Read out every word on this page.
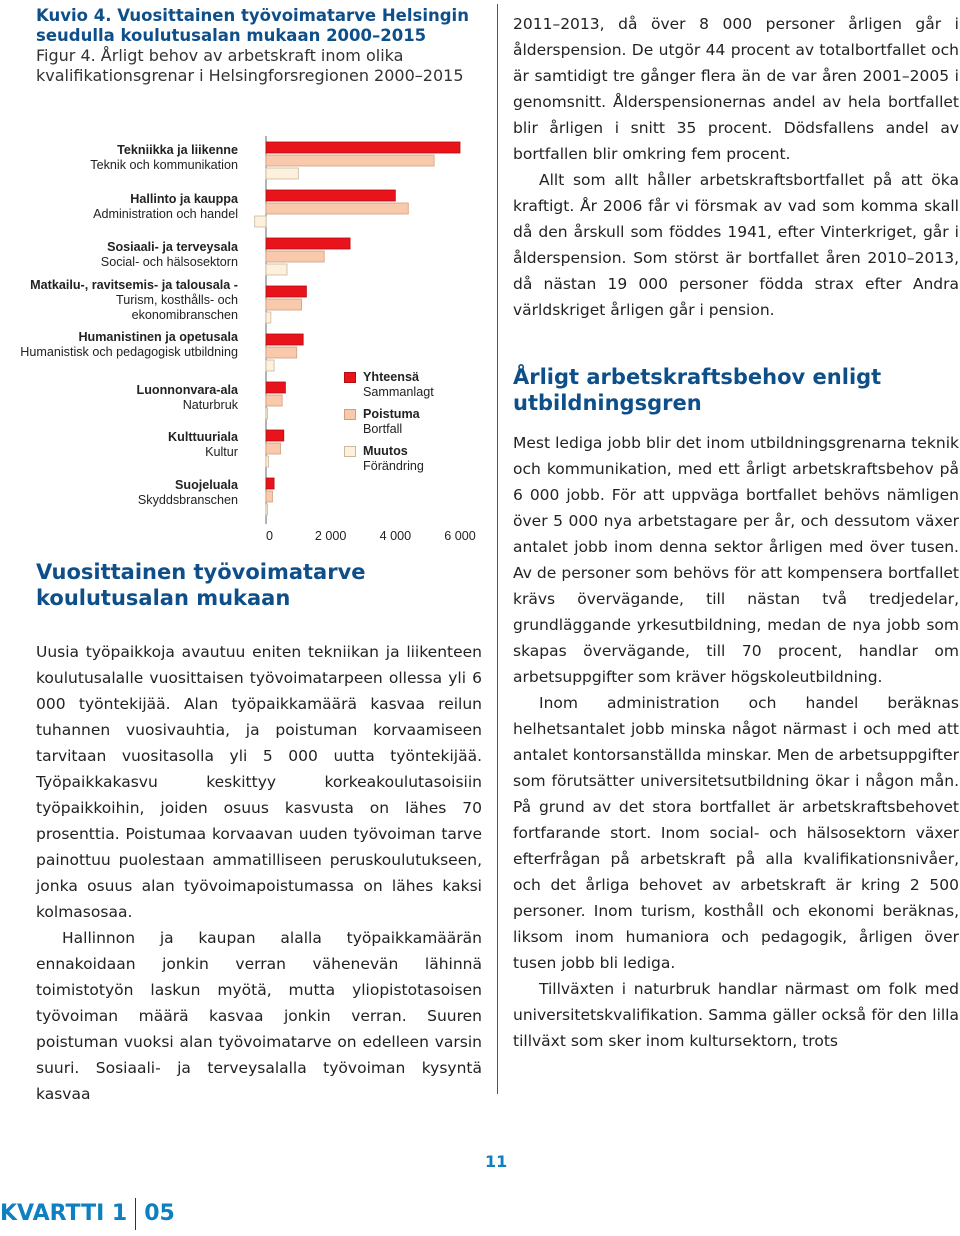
Kuvio 4. Vuosittainen työvoimatarve Helsingin seudulla koulutusalan mukaan 2000–2015
Figur 4. Årligt behov av arbetskraft inom olika kvalifikationsgrenar i Helsingforsregionen 2000–2015
Tekniikka ja liikenne
Teknik och kommunikation
Hallinto ja kauppa
Administration och handel
Sosiaali- ja terveysala
Social- och hälsosektorn
Matkailu-, ravitsemis- ja talousala - Turism, kosthålls- och ekonomibranschen
Humanistinen ja opetusala
Humanistisk och pedagogisk utbildning
Luonnonvara-ala
Naturbruk
Kulttuuriala
Kultur
Suojeluala
Skyddsbranschen
0	2 000	4 000	6 000
Yhteensä
Sammanlagt
Poistuma
Bortfall
Muutos
Förändring
Vuosittainen työvoimatarve koulutusalan mukaan

Uusia työpaikkoja avautuu eniten tekniikan ja liikenteen koulutusalalle vuosittaisen työvoimatarpeen ollessa yli 6 000 työntekijää. Alan työpaikkamäärä kasvaa reilun tuhannen vuosivauhtia, ja poistuman korvaamiseen tarvitaan vuositasolla yli 5 000 uutta työntekijää. Työpaikkakasvu keskittyy korkeakoulutasoisiin työpaikkoihin, joiden osuus kasvusta on lähes 70 prosenttia. Poistumaa korvaavan uuden työvoiman tarve painottuu puolestaan ammatilliseen peruskoulutukseen, jonka osuus alan työvoimapoistumassa on lähes kaksi kolmasosaa.

Hallinnon ja kaupan alalla työpaikkamäärän ennakoidaan jonkin verran vähenevän lähinnä toimistotyön laskun myötä, mutta yliopistotasoisen työvoiman määrä kasvaa jonkin verran. Suuren poistuman vuoksi alan työvoimatarve on edelleen varsin suuri. Sosiaali- ja terveysalalla työvoiman kysyntä kasvaa

2011–2013, då över 8 000 personer årligen går i ålderspension. De utgör 44 procent av totalbortfallet och är samtidigt tre gånger flera än de var åren 2001–2005 i genomsnitt. Ålderspensionernas andel av hela bortfallet blir årligen i snitt 35 procent. Dödsfallens andel av bortfallen blir omkring fem procent.

Allt som allt håller arbetskraftsbortfallet på att öka kraftigt. År 2006 får vi försmak av vad som komma skall då den årskull som föddes 1941, efter Vinterkriget, går i ålderspension. Som störst är bortfallet åren 2010–2013, då nästan 19 000 personer födda strax efter Andra världskriget årligen går i pension.

Årligt arbetskraftsbehov enligt utbildningsgren

Mest lediga jobb blir det inom utbildningsgrenarna teknik och kommunikation, med ett årligt arbetskraftsbehov på 6 000 jobb. För att uppväga bortfallet behövs nämligen över 5 000 nya arbetstagare per år, och dessutom växer antalet jobb inom denna sektor årligen med över tusen. Av de personer som behövs för att kompensera bortfallet krävs övervägande, till nästan två tredjedelar, grundläggande yrkesutbildning, medan de nya jobb som skapas övervägande, till 70 procent, handlar om arbetsuppgifter som kräver högskoleutbildning.

Inom administration och handel beräknas helhetsantalet jobb minska något närmast i och med att antalet kontorsanställda minskar. Men de arbetsuppgifter som förutsätter universitetsutbildning ökar i någon mån. På grund av det stora bortfallet är arbetskraftsbehovet fortfarande stort. Inom social- och hälsosektorn växer efterfrågan på arbetskraft på alla kvalifikationsnivåer, och det årliga behovet av arbetskraft är kring 2 500 personer. Inom turism, kosthåll och ekonomi beräknas, liksom inom humaniora och pedagogik, årligen över tusen jobb bli lediga.

Tillväxten i naturbruk handlar närmast om folk med universitetskvalifikation. Samma gäller också för den lilla tillväxt som sker inom kultursektorn, trots

11
KVARTTI 1 05
